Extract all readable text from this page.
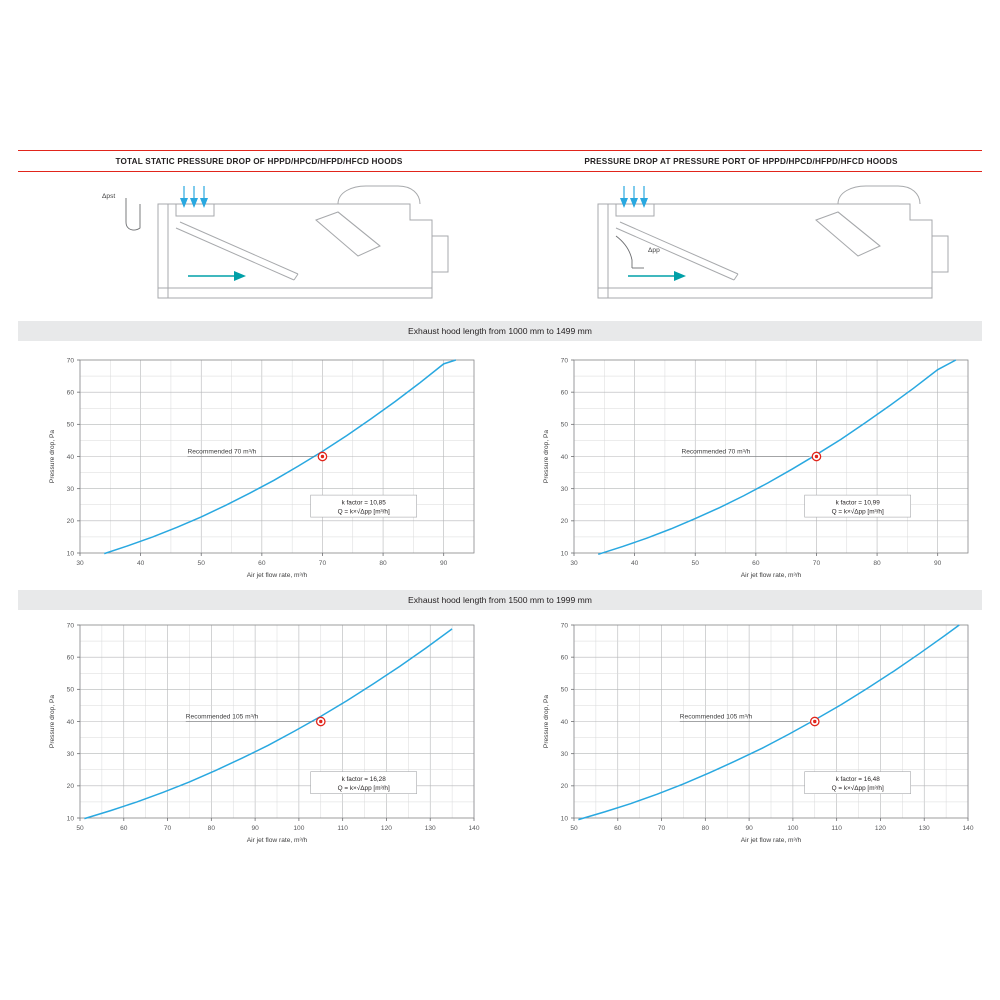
TOTAL STATIC PRESSURE DROP OF HPPD/HPCD/HFPD/HFCD HOODS	PRESSURE DROP AT PRESSURE PORT OF HPPD/HPCD/HFPD/HFCD HOODS
Δpst
Δpp
Exhaust hood length from 1000 mm to 1499 mm
Exhaust hood length from 1500 mm to 1999 mm
30	40	50	60	70	80	90
10
20
30
40
50
60
70
Air jet flow rate, m³/h
Pressure drop, Pa	Recommended 70 m³/h
k factor = 10,85
Q = k×√Δpp [m³/h]
30	40	50	60	70	80	90
10
20
30
40
50
60
70
Air jet flow rate, m³/h
Pressure drop, Pa	Recommended 70 m³/h
k factor = 10,99
Q = k×√Δpp [m³/h]
50	60	70	80	90	100	110	120	130	140
10
20
30
40
50
60
70
Air jet flow rate, m³/h
Pressure drop, Pa	Recommended 105 m³/h
k factor = 16,28
Q = k×√Δpp [m³/h]
50	60	70	80	90	100	110	120	130	140
10
20
30
40
50
60
70
Air jet flow rate, m³/h
Pressure drop, Pa	Recommended 105 m³/h
k factor = 16,48
Q = k×√Δpp [m³/h]
